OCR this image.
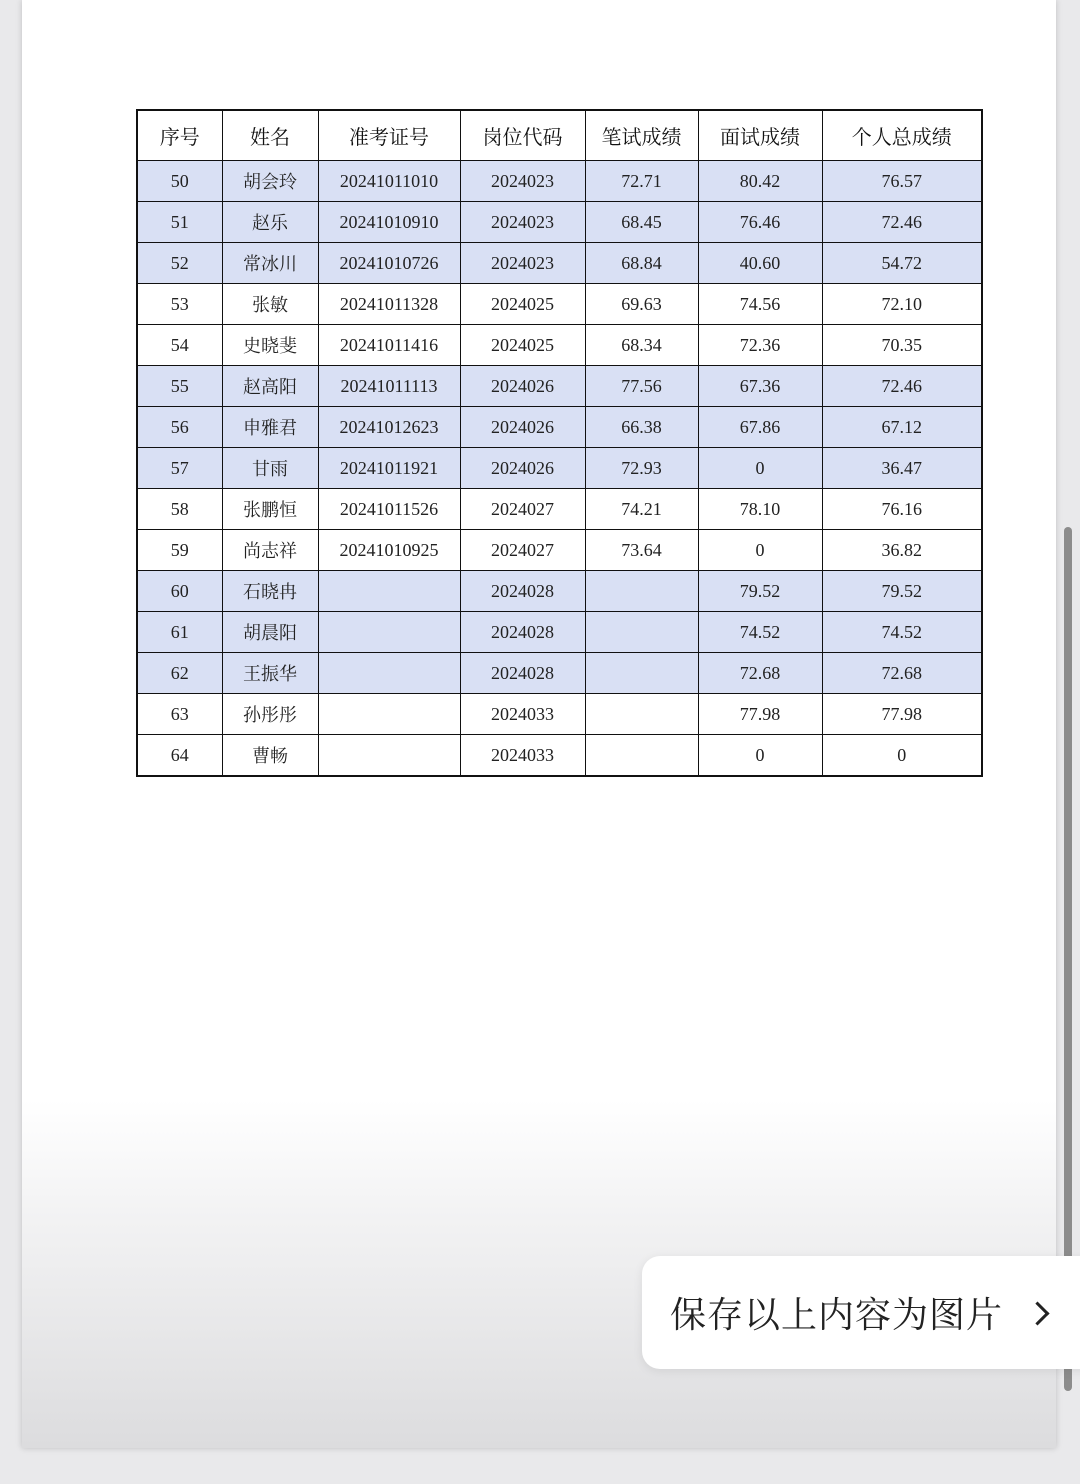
序号	姓名	准考证号	岗位代码	笔试成绩	面试成绩	个人总成绩
50	胡会玲	20241011010	2024023	72.71	80.42	76.57
51	赵乐	20241010910	2024023	68.45	76.46	72.46
52	常冰川	20241010726	2024023	68.84	40.60	54.72
53	张敏	20241011328	2024025	69.63	74.56	72.10
54	史晓斐	20241011416	2024025	68.34	72.36	70.35
55	赵高阳	20241011113	2024026	77.56	67.36	72.46
56	申雅君	20241012623	2024026	66.38	67.86	67.12
57	甘雨	20241011921	2024026	72.93	0	36.47
58	张鹏恒	20241011526	2024027	74.21	78.10	76.16
59	尚志祥	20241010925	2024027	73.64	0	36.82
60	石晓冉		2024028		79.52	79.52
61	胡晨阳		2024028		74.52	74.52
62	王振华		2024028		72.68	72.68
63	孙彤彤		2024033		77.98	77.98
64	曹畅		2024033		0	0
保存以上内容为图片
